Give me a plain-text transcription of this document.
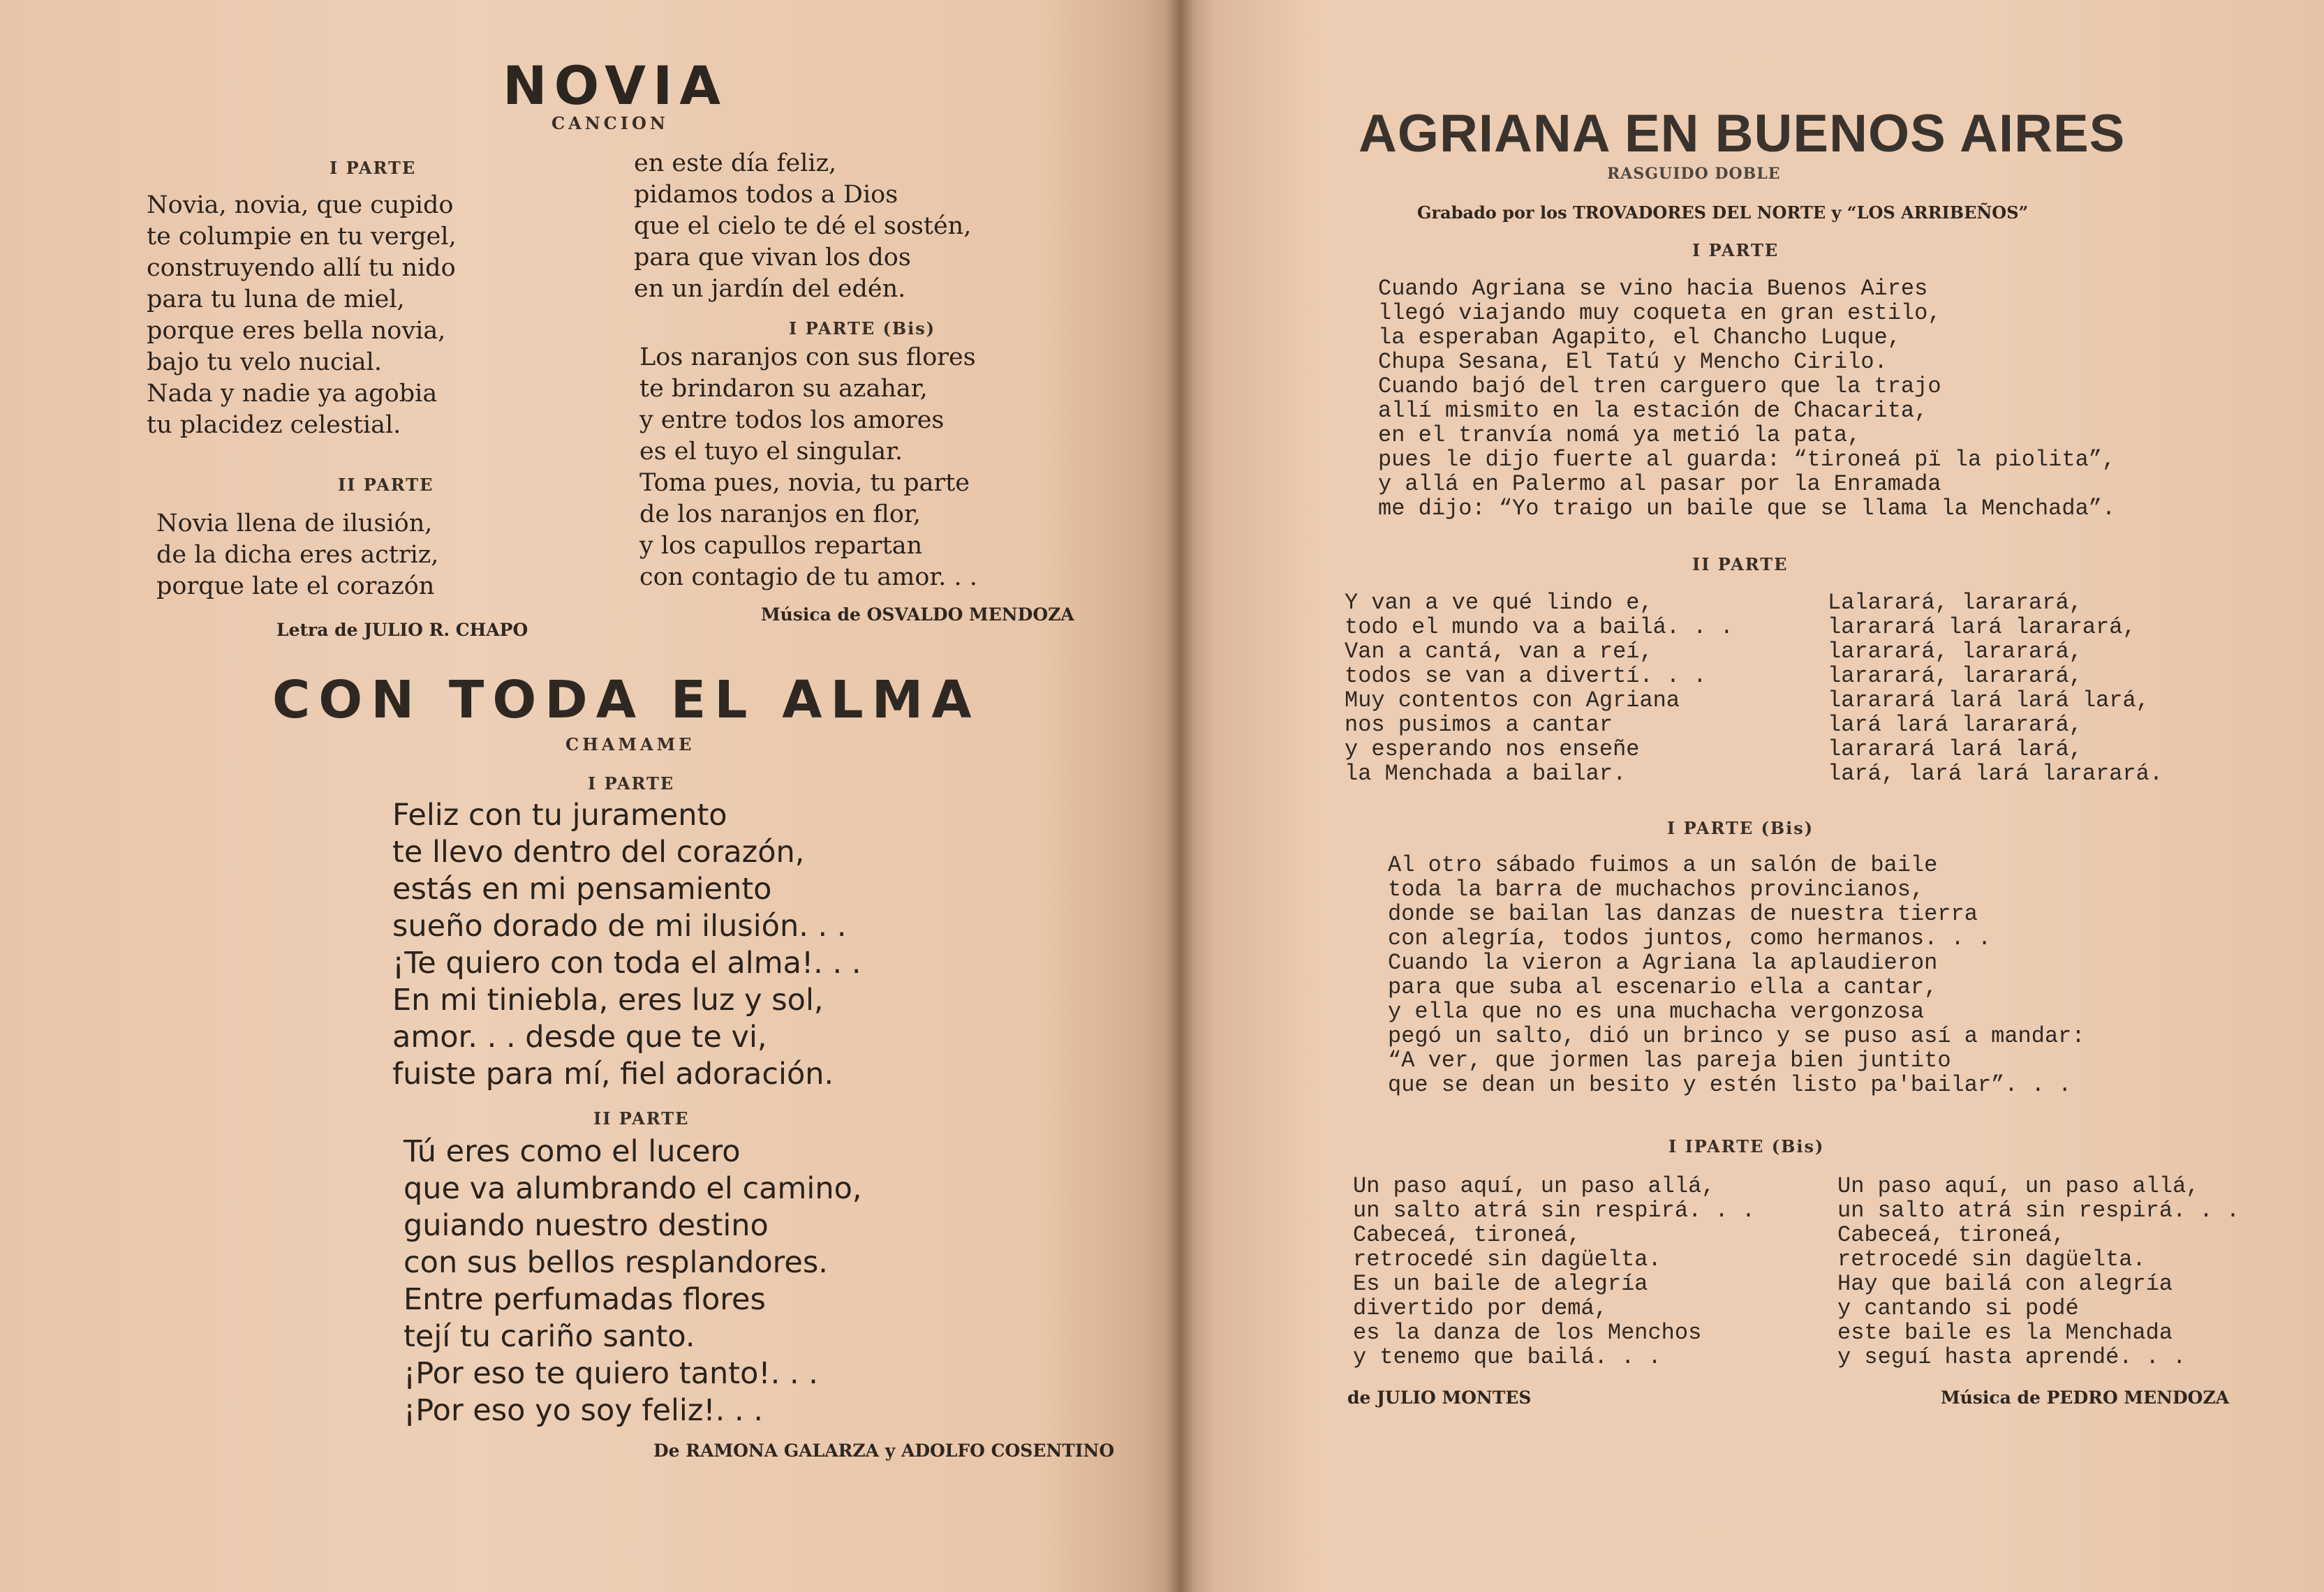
NOVIA
CANCION
I PARTE
Novia, novia, que cupido
te columpie en tu vergel,
construyendo allí tu nido
para tu luna de miel,
porque eres bella novia,
bajo tu velo nucial.
Nada y nadie ya agobia
tu placidez celestial.
II PARTE
Novia llena de ilusión,
de la dicha eres actriz,
porque late el corazón
en este día feliz,
pidamos todos a Dios
que el cielo te dé el sostén,
para que vivan los dos
en un jardín del edén.
I PARTE (Bis)
Los naranjos con sus flores
te brindaron su azahar,
y entre todos los amores
es el tuyo el singular.
Toma pues, novia, tu parte
de los naranjos en flor,
y los capullos repartan
con contagio de tu amor. . .
Letra de JULIO R. CHAPO
Música de OSVALDO MENDOZA
CON TODA EL ALMA
CHAMAME
I PARTE
Feliz con tu juramento
te llevo dentro del corazón,
estás en mi pensamiento
sueño dorado de mi ilusión. . .
¡Te quiero con toda el alma!. . .
En mi tiniebla, eres luz y sol,
amor. . . desde que te vi,
fuiste para mí, fiel adoración.
II PARTE
Tú eres como el lucero
que va alumbrando el camino,
guiando nuestro destino
con sus bellos resplandores.
Entre perfumadas flores
tejí tu cariño santo.
¡Por eso te quiero tanto!. . .
¡Por eso yo soy feliz!. . .
De RAMONA GALARZA y ADOLFO COSENTINO
AGRIANA EN BUENOS AIRES
RASGUIDO DOBLE
Grabado por los TROVADORES DEL NORTE y “LOS ARRIBEÑOS”
I PARTE
Cuando Agriana se vino hacia Buenos Aires
llegó viajando muy coqueta en gran estilo,
la esperaban Agapito, el Chancho Luque,
Chupa Sesana, El Tatú y Mencho Cirilo.
Cuando bajó del tren carguero que la trajo
allí mismito en la estación de Chacarita,
en el tranvía nomá ya metió la pata,
pues le dijo fuerte al guarda: “tironeá pï la piolita”,
y allá en Palermo al pasar por la Enramada
me dijo: “Yo traigo un baile que se llama la Menchada”.
II PARTE
Y van a ve qué lindo e,
todo el mundo va a bailá. . .
Van a cantá, van a reí,
todos se van a divertí. . .
Muy contentos con Agriana
nos pusimos a cantar
y esperando nos enseñe
la Menchada a bailar.
Lalarará, lararará,
lararará lará lararará,
lararará, lararará,
lararará, lararará,
lararará lará lará lará,
lará lará lararará,
lararará lará lará,
lará, lará lará lararará.
I PARTE (Bis)
Al otro sábado fuimos a un salón de baile
toda la barra de muchachos provincianos,
donde se bailan las danzas de nuestra tierra
con alegría, todos juntos, como hermanos. . .
Cuando la vieron a Agriana la aplaudieron
para que suba al escenario ella a cantar,
y ella que no es una muchacha vergonzosa
pegó un salto, dió un brinco y se puso así a mandar:
“A ver, que jormen las pareja bien juntito
que se dean un besito y estén listo pa'bailar”. . .
I IPARTE (Bis)
Un paso aquí, un paso allá,
un salto atrá sin respirá. . .
Cabeceá, tironeá,
retrocedé sin dagüelta.
Es un baile de alegría
divertido por demá,
es la danza de los Menchos
y tenemo que bailá. . .
Un paso aquí, un paso allá,
un salto atrá sin respirá. . .
Cabeceá, tironeá,
retrocedé sin dagüelta.
Hay que bailá con alegría
y cantando si podé
este baile es la Menchada
y seguí hasta aprendé. . .
de JULIO MONTES	Música de PEDRO MENDOZA
